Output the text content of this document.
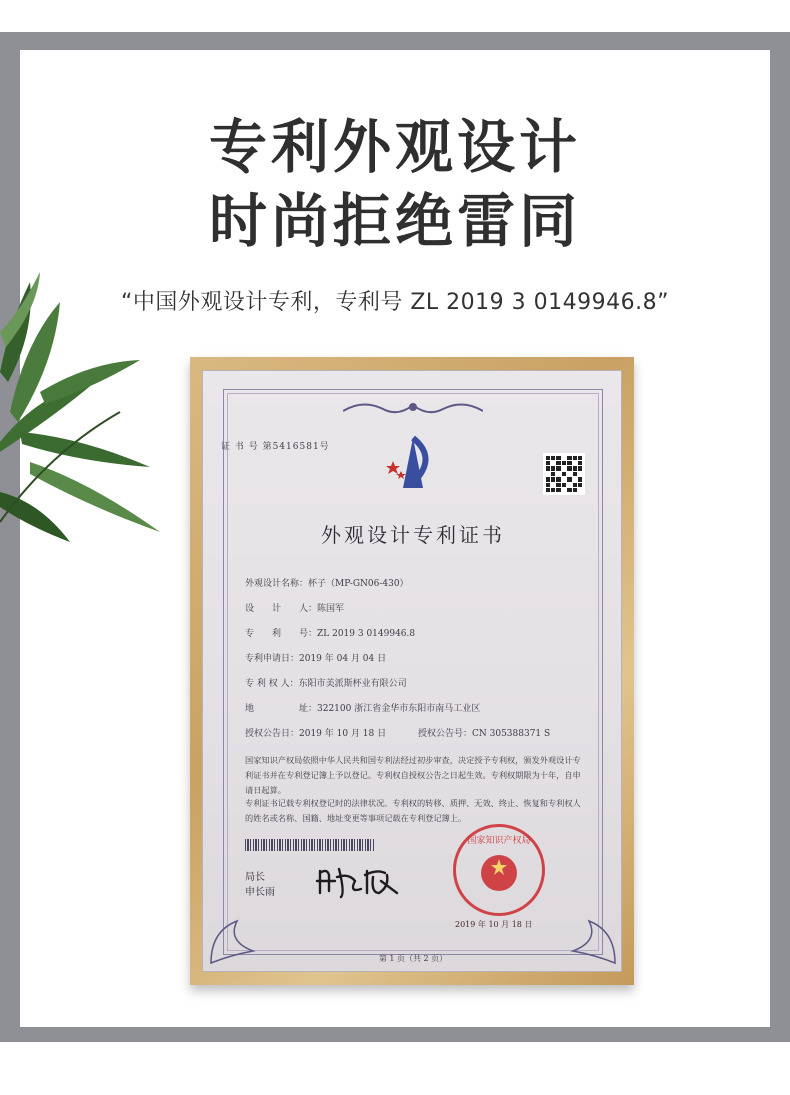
专利外观设计
时尚拒绝雷同
“中国外观设计专利，专利号 ZL 2019 3 0149946.8”
证 书 号 第5416581号
外观设计专利证书
外观设计名称：杯子（MP-GN06-430）
设　　计　　人：陈国军
专　　利　　号：ZL 2019 3 0149946.8
专利申请日：2019 年 04 月 04 日
专 利 权 人：东阳市美派斯杯业有限公司
地　　　　　址：322100 浙江省金华市东阳市南马工业区
授权公告日：2019 年 10 月 18 日	授权公告号：CN 305388371 S
国家知识产权局依照中华人民共和国专利法经过初步审查，决定授予专利权，颁发外观设计专利证书并在专利登记簿上予以登记。专利权自授权公告之日起生效。专利权期限为十年，自申请日起算。
专利证书记载专利权登记时的法律状况。专利权的转移、质押、无效、终止、恢复和专利权人的姓名或名称、国籍、地址变更等事项记载在专利登记簿上。
局长
申长雨
国家知识产权局
2019 年 10 月 18 日
第 1 页（共 2 页）
